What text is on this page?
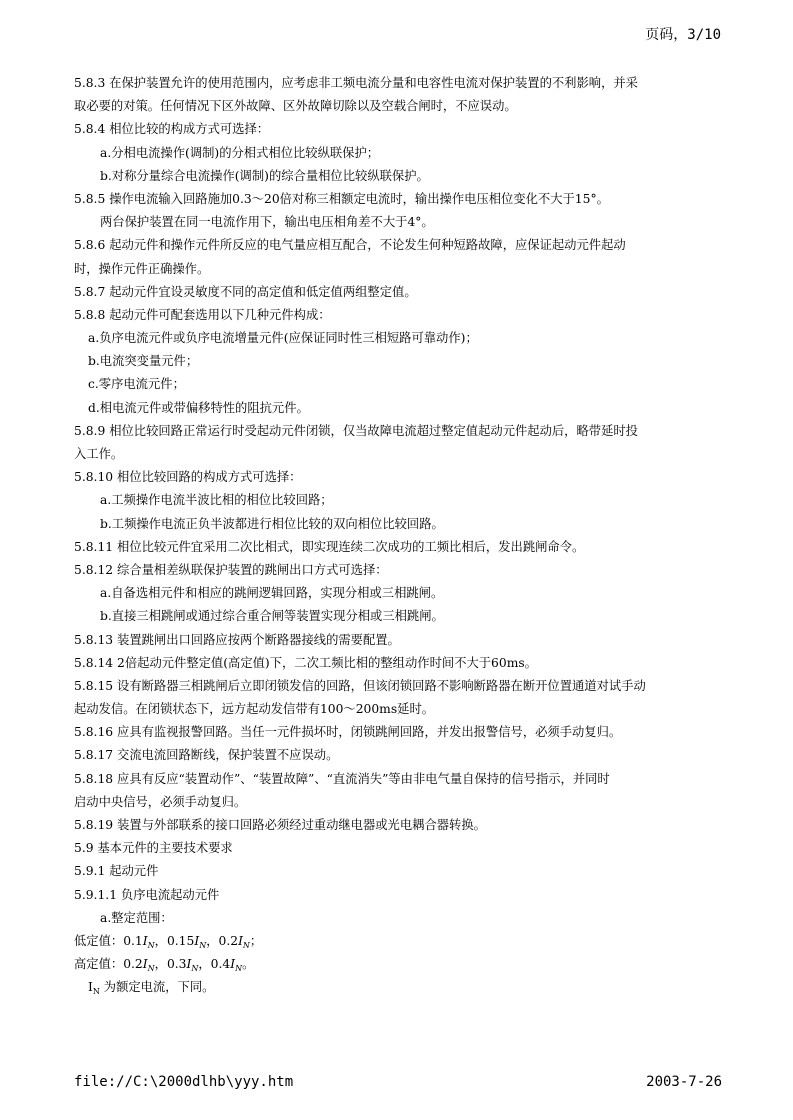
页码，3/10
5.8.3 在保护装置允许的使用范围内，应考虑非工频电流分量和电容性电流对保护装置的不利影响，并采
取必要的对策。任何情况下区外故障、区外故障切除以及空载合闸时，不应误动。
5.8.4 相位比较的构成方式可选择：
a.分相电流操作(调制)的分相式相位比较纵联保护；
b.对称分量综合电流操作(调制)的综合量相位比较纵联保护。
5.8.5 操作电流输入回路施加0.3～20倍对称三相额定电流时，输出操作电压相位变化不大于15°。
两台保护装置在同一电流作用下，输出电压相角差不大于4°。
5.8.6 起动元件和操作元件所反应的电气量应相互配合，不论发生何种短路故障，应保证起动元件起动
时，操作元件正确操作。
5.8.7 起动元件宜设灵敏度不同的高定值和低定值两组整定值。
5.8.8 起动元件可配套选用以下几种元件构成：
a.负序电流元件或负序电流增量元件(应保证同时性三相短路可靠动作)；
b.电流突变量元件；
c.零序电流元件；
d.相电流元件或带偏移特性的阻抗元件。
5.8.9 相位比较回路正常运行时受起动元件闭锁，仅当故障电流超过整定值起动元件起动后，略带延时投
入工作。
5.8.10 相位比较回路的构成方式可选择：
a.工频操作电流半波比相的相位比较回路；
b.工频操作电流正负半波都进行相位比较的双向相位比较回路。
5.8.11 相位比较元件宜采用二次比相式，即实现连续二次成功的工频比相后，发出跳闸命令。
5.8.12 综合量相差纵联保护装置的跳闸出口方式可选择：
a.自备选相元件和相应的跳闸逻辑回路，实现分相或三相跳闸。
b.直接三相跳闸或通过综合重合闸等装置实现分相或三相跳闸。
5.8.13 装置跳闸出口回路应按两个断路器接线的需要配置。
5.8.14 2倍起动元件整定值(高定值)下，二次工频比相的整组动作时间不大于60ms。
5.8.15 设有断路器三相跳闸后立即闭锁发信的回路，但该闭锁回路不影响断路器在断开位置通道对试手动
起动发信。在闭锁状态下，远方起动发信带有100～200ms延时。
5.8.16 应具有监视报警回路。当任一元件损坏时，闭锁跳闸回路，并发出报警信号，必须手动复归。
5.8.17 交流电流回路断线，保护装置不应误动。
5.8.18 应具有反应“装置动作”、“装置故障”、“直流消失”等由非电气量自保持的信号指示，并同时
启动中央信号，必须手动复归。
5.8.19 装置与外部联系的接口回路必须经过重动继电器或光电耦合器转换。
5.9 基本元件的主要技术要求
5.9.1 起动元件
5.9.1.1 负序电流起动元件
a.整定范围：
低定值：$0.1I_N$，$0.15I_N$，$0.2I_N$；
高定值：$0.2I_N$，$0.3I_N$，$0.4I_N$。
$I_N$ 为额定电流，下同。
file://C:\2000dlhb\yyy.htm	2003-7-26
